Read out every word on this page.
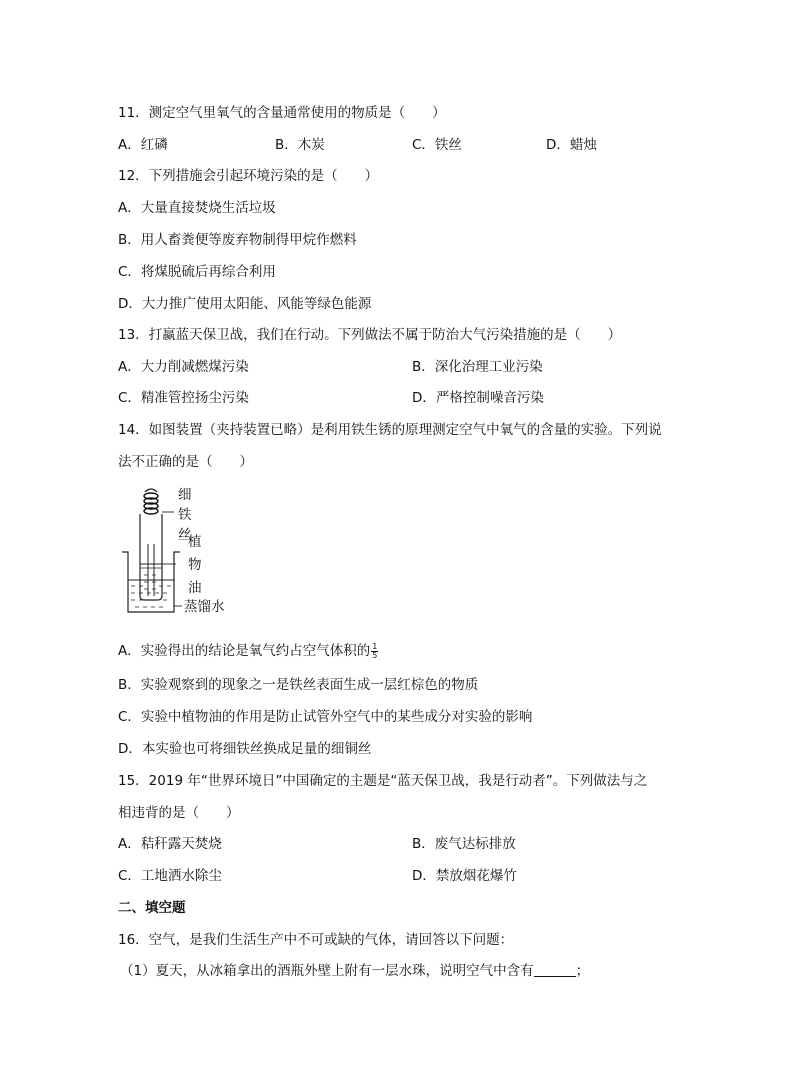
11．测定空气里氧气的含量通常使用的物质是（　　）
A．红磷	B．木炭	C．铁丝	D．蜡烛
12．下列措施会引起环境污染的是（　　）
A．大量直接焚烧生活垃圾
B．用人畜粪便等废弃物制得甲烷作燃料
C．将煤脱硫后再综合利用
D．大力推广使用太阳能、风能等绿色能源
13．打赢蓝天保卫战，我们在行动。下列做法不属于防治大气污染措施的是（　　）
A．大力削减燃煤污染	B．深化治理工业污染
C．精准管控扬尘污染	D．严格控制噪音污染
14．如图装置（夹持装置已略）是利用铁生锈的原理测定空气中氧气的含量的实验。下列说
法不正确的是（　　）
细
铁
丝
植
物
油
蒸馏水
A．实验得出的结论是氧气约占空气体积的 $\frac{1}{5}$
B．实验观察到的现象之一是铁丝表面生成一层红棕色的物质
C．实验中植物油的作用是防止试管外空气中的某些成分对实验的影响
D．本实验也可将细铁丝换成足量的细铜丝
15．2019 年“世界环境日”中国确定的主题是“蓝天保卫战，我是行动者”。下列做法与之
相违背的是（　　）
A．秸秆露天焚烧	B．废气达标排放
C．工地洒水除尘	D．禁放烟花爆竹
二、填空题
16．空气，是我们生活生产中不可或缺的气体，请回答以下问题：
（1）夏天，从冰箱拿出的酒瓶外壁上附有一层水珠，说明空气中含有	；
